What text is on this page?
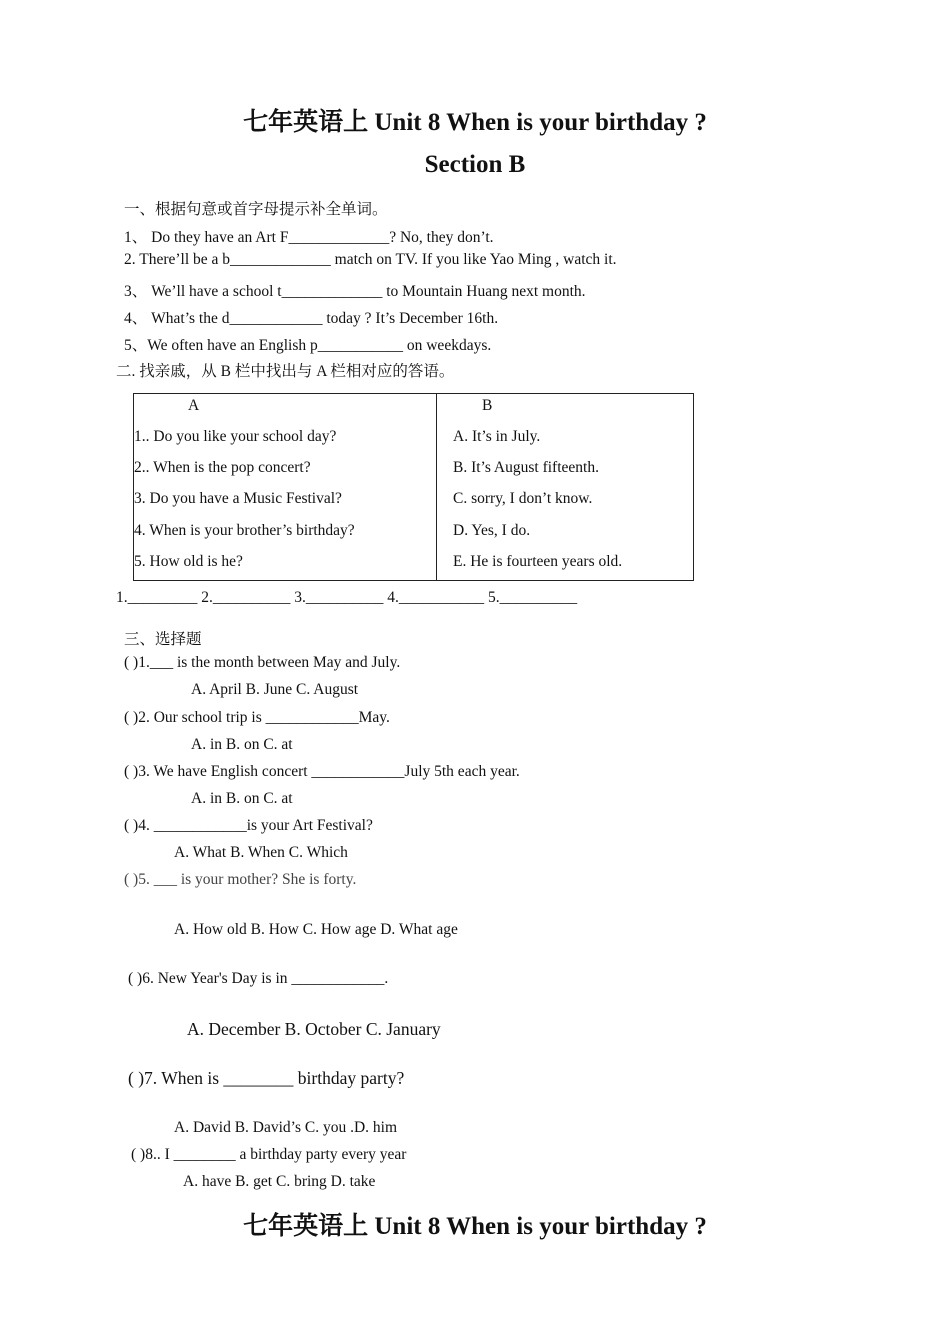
七年英语上 Unit 8 When is your birthday ?
Section B
一、根据句意或首字母提示补全单词。
1、 Do they have an Art F_____________? No, they don’t.
2. There’ll be a b_____________ match on TV. If you like Yao Ming , watch it.
3、 We’ll have a school t_____________ to Mountain Huang next month.
4、 What’s the d____________ today ? It’s December 16th.
5、We often have an English p___________ on weekdays.
二. 找亲戚，从 B 栏中找出与 A 栏相对应的答语。
A	B
1.. Do you like your school day?
2.. When is the pop concert?
3. Do you have a Music Festival?
4. When is your brother’s birthday?
5. How old is he?
A. It’s in July.
B. It’s August fifteenth.
C. sorry, I don’t know.
D. Yes, I do.
E. He is fourteen years old.
1._________ 2.__________ 3.__________ 4.___________ 5.__________
三、选择题
( )1.___ is the month between May and July.
A. April B. June C. August
( )2. Our school trip is ____________May.
A. in B. on C. at
( )3. We have English concert ____________July 5th each year.
A. in B. on C. at
( )4. ____________is your Art Festival?
A. What B. When C. Which
( )5. ___ is your mother? She is forty.
A. How old B. How C. How age D. What age
( )6. New Year's Day is in ____________.
A. December B. October C. January
( )7. When is ________ birthday party?
A. David B. David’s C. you .D. him
( )8.. I ________ a birthday party every year
A. have B. get C. bring D. take
七年英语上 Unit 8 When is your birthday ?
